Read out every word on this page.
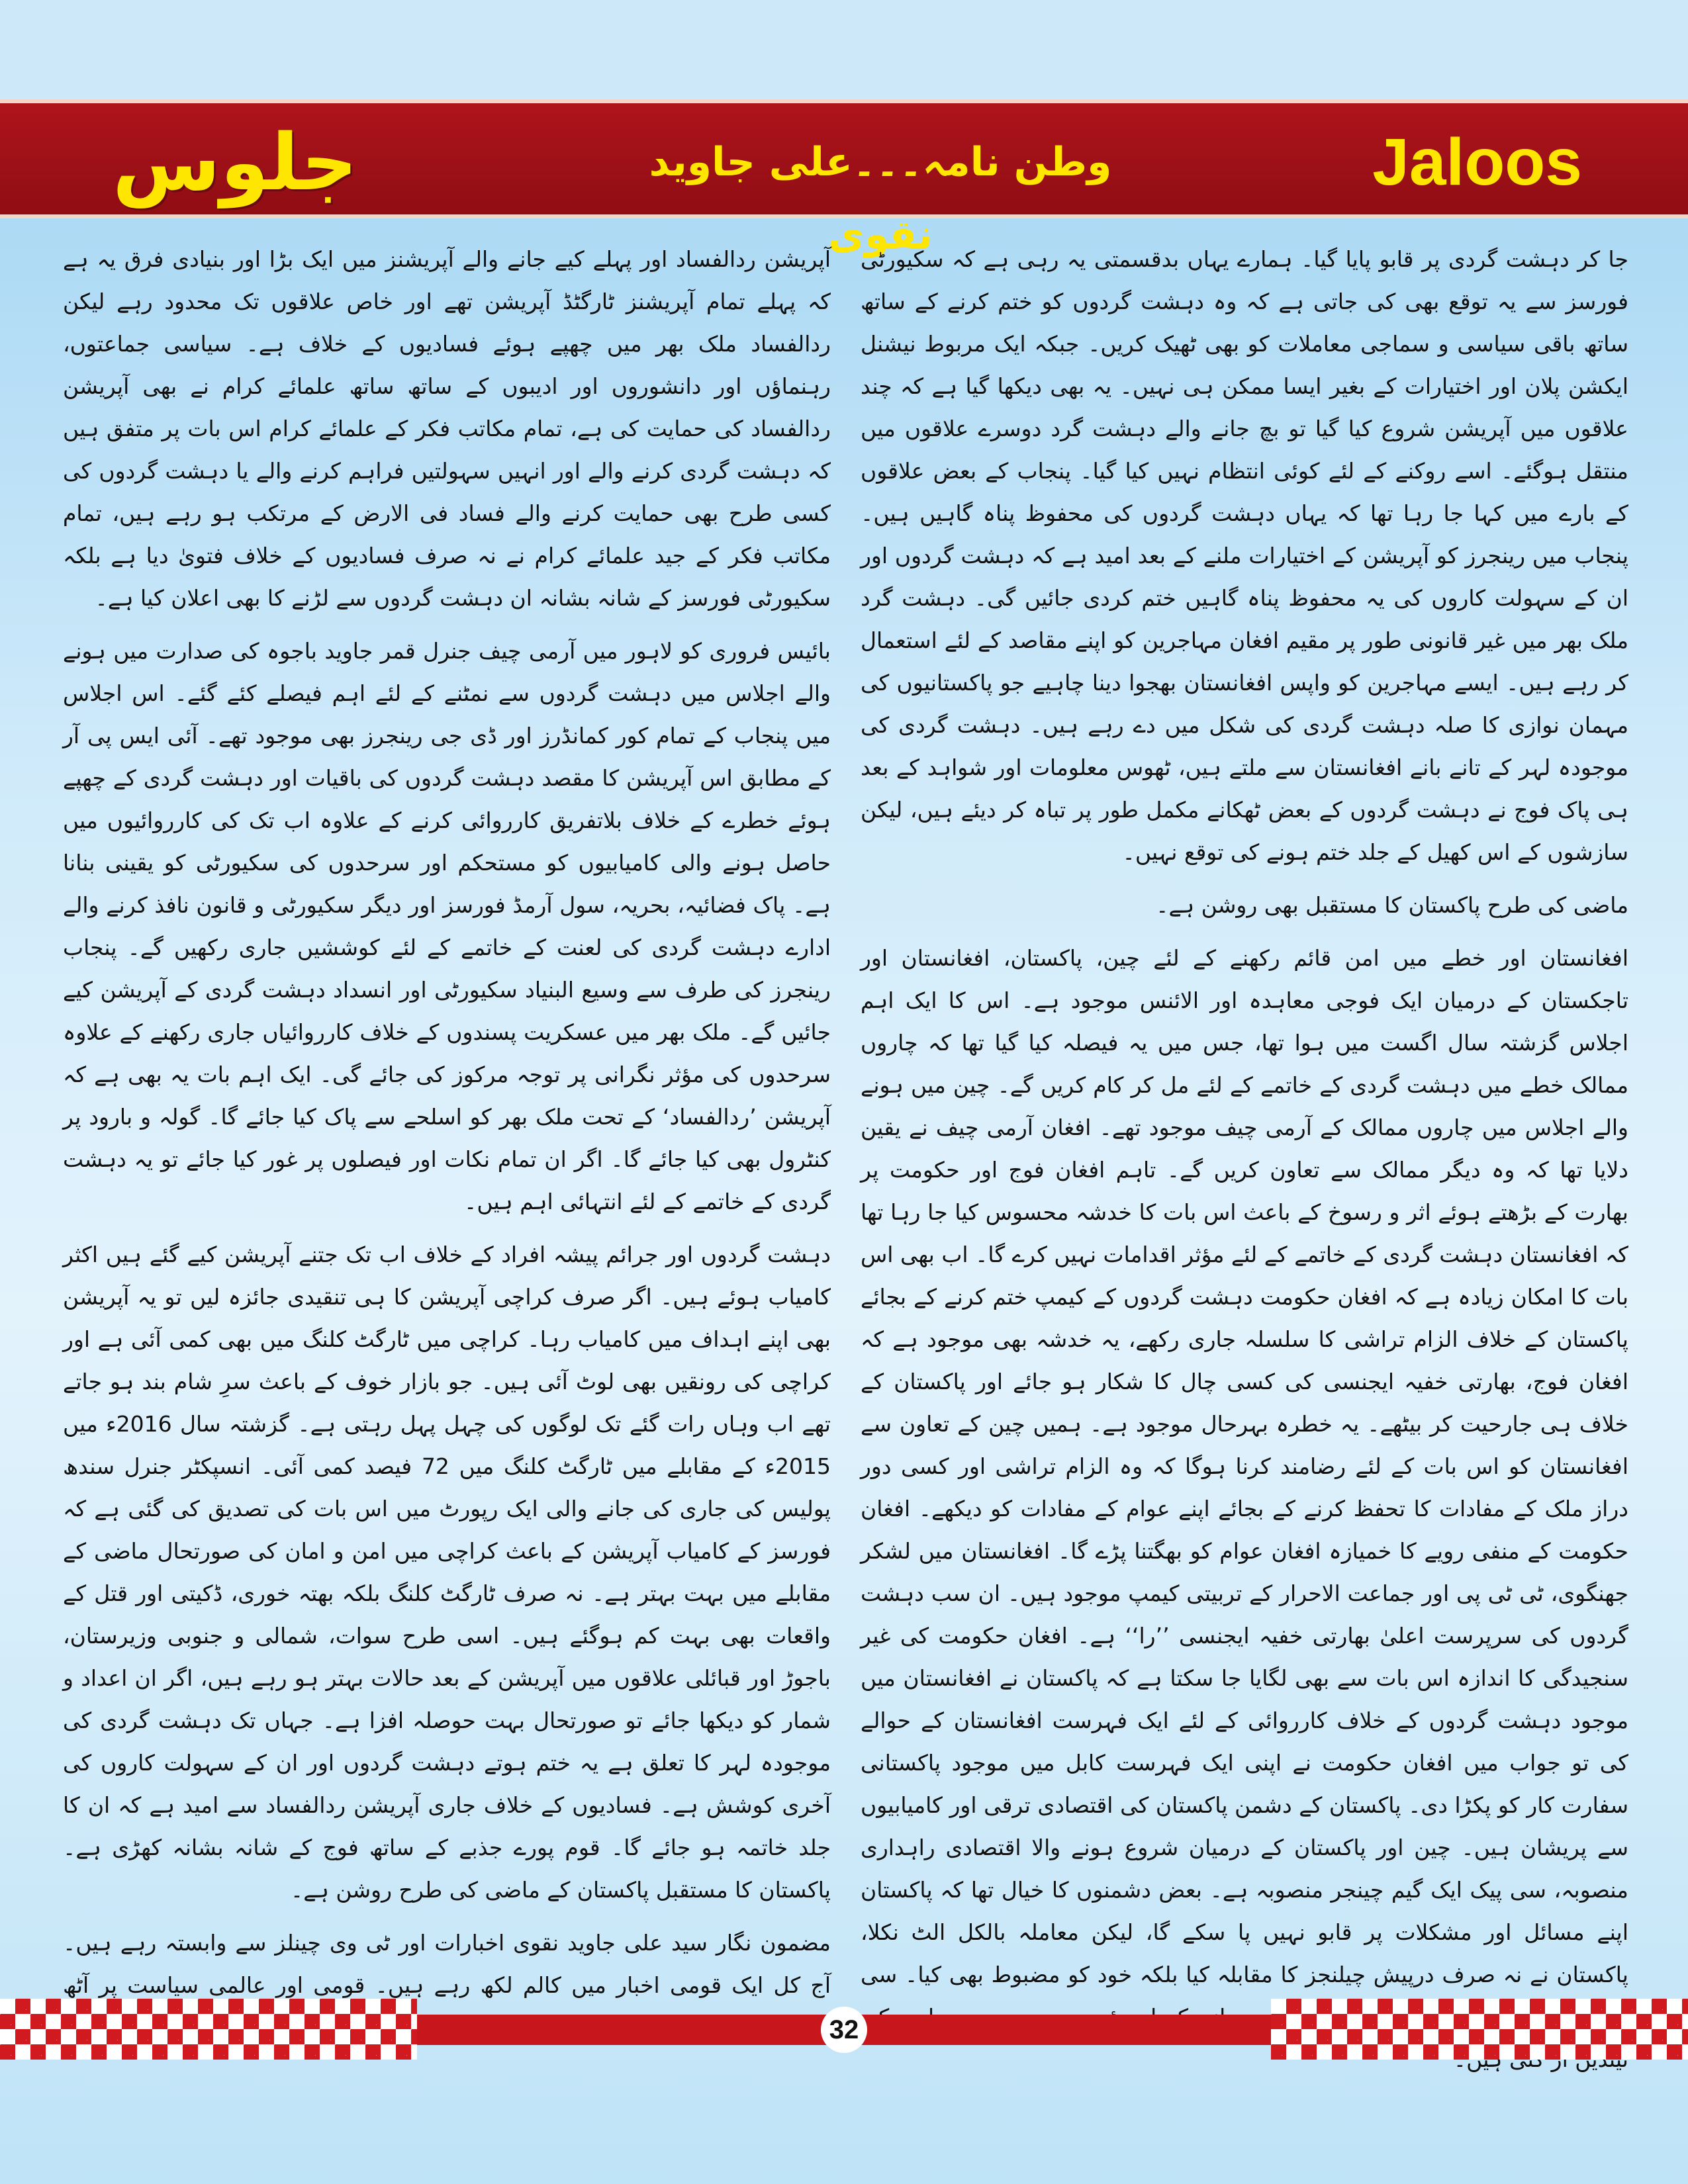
جلوس	وطن نامہ۔۔۔علی جاوید نقوی
Jaloos

جا کر دہشت گردی پر قابو پایا گیا۔ ہمارے یہاں بدقسمتی یہ رہی ہے کہ سکیورٹی فورسز سے یہ توقع بھی کی جاتی ہے کہ وہ دہشت گردوں کو ختم کرنے کے ساتھ ساتھ باقی سیاسی و سماجی معاملات کو بھی ٹھیک کریں۔ جبکہ ایک مربوط نیشنل ایکشن پلان اور اختیارات کے بغیر ایسا ممکن ہی نہیں۔ یہ بھی دیکھا گیا ہے کہ چند علاقوں میں آپریشن شروع کیا گیا تو بچ جانے والے دہشت گرد دوسرے علاقوں میں منتقل ہوگئے۔ اسے روکنے کے لئے کوئی انتظام نہیں کیا گیا۔ پنجاب کے بعض علاقوں کے بارے میں کہا جا رہا تھا کہ یہاں دہشت گردوں کی محفوظ پناہ گاہیں ہیں۔ پنجاب میں رینجرز کو آپریشن کے اختیارات ملنے کے بعد امید ہے کہ دہشت گردوں اور ان کے سہولت کاروں کی یہ محفوظ پناہ گاہیں ختم کردی جائیں گی۔ دہشت گرد ملک بھر میں غیر قانونی طور پر مقیم افغان مہاجرین کو اپنے مقاصد کے لئے استعمال کر رہے ہیں۔ ایسے مہاجرین کو واپس افغانستان بھجوا دینا چاہیے جو پاکستانیوں کی مہمان نوازی کا صلہ دہشت گردی کی شکل میں دے رہے ہیں۔ دہشت گردی کی موجودہ لہر کے تانے بانے افغانستان سے ملتے ہیں، ٹھوس معلومات اور شواہد کے بعد ہی پاک فوج نے دہشت گردوں کے بعض ٹھکانے مکمل طور پر تباہ کر دیئے ہیں، لیکن سازشوں کے اس کھیل کے جلد ختم ہونے کی توقع نہیں۔

ماضی کی طرح پاکستان کا مستقبل بھی روشن ہے۔

افغانستان اور خطے میں امن قائم رکھنے کے لئے چین، پاکستان، افغانستان اور تاجکستان کے درمیان ایک فوجی معاہدہ اور الائنس موجود ہے۔ اس کا ایک اہم اجلاس گزشتہ سال اگست میں ہوا تھا، جس میں یہ فیصلہ کیا گیا تھا کہ چاروں ممالک خطے میں دہشت گردی کے خاتمے کے لئے مل کر کام کریں گے۔ چین میں ہونے والے اجلاس میں چاروں ممالک کے آرمی چیف موجود تھے۔ افغان آرمی چیف نے یقین دلایا تھا کہ وہ دیگر ممالک سے تعاون کریں گے۔ تاہم افغان فوج اور حکومت پر بھارت کے بڑھتے ہوئے اثر و رسوخ کے باعث اس بات کا خدشہ محسوس کیا جا رہا تھا کہ افغانستان دہشت گردی کے خاتمے کے لئے مؤثر اقدامات نہیں کرے گا۔ اب بھی اس بات کا امکان زیادہ ہے کہ افغان حکومت دہشت گردوں کے کیمپ ختم کرنے کے بجائے پاکستان کے خلاف الزام تراشی کا سلسلہ جاری رکھے، یہ خدشہ بھی موجود ہے کہ افغان فوج، بھارتی خفیہ ایجنسی کی کسی چال کا شکار ہو جائے اور پاکستان کے خلاف ہی جارحیت کر بیٹھے۔ یہ خطرہ بہرحال موجود ہے۔ ہمیں چین کے تعاون سے افغانستان کو اس بات کے لئے رضامند کرنا ہوگا کہ وہ الزام تراشی اور کسی دور دراز ملک کے مفادات کا تحفظ کرنے کے بجائے اپنے عوام کے مفادات کو دیکھے۔ افغان حکومت کے منفی رویے کا خمیازہ افغان عوام کو بھگتنا پڑے گا۔ افغانستان میں لشکر جھنگوی، ٹی ٹی پی اور جماعت الاحرار کے تربیتی کیمپ موجود ہیں۔ ان سب دہشت گردوں کی سرپرست اعلیٰ بھارتی خفیہ ایجنسی ’’را‘‘ ہے۔ افغان حکومت کی غیر سنجیدگی کا اندازہ اس بات سے بھی لگایا جا سکتا ہے کہ پاکستان نے افغانستان میں موجود دہشت گردوں کے خلاف کارروائی کے لئے ایک فہرست افغانستان کے حوالے کی تو جواب میں افغان حکومت نے اپنی ایک فہرست کابل میں موجود پاکستانی سفارت کار کو پکڑا دی۔ پاکستان کے دشمن پاکستان کی اقتصادی ترقی اور کامیابیوں سے پریشان ہیں۔ چین اور پاکستان کے درمیان شروع ہونے والا اقتصادی راہداری منصوبہ، سی پیک ایک گیم چینجر منصوبہ ہے۔ بعض دشمنوں کا خیال تھا کہ پاکستان اپنے مسائل اور مشکلات پر قابو نہیں پا سکے گا، لیکن معاملہ بالکل الٹ نکلا، پاکستان نے نہ صرف درپیش چیلنجز کا مقابلہ کیا بلکہ خود کو مضبوط بھی کیا۔ سی

آپریشن ردالفساد اور پہلے کیے جانے والے آپریشنز میں ایک بڑا اور بنیادی فرق یہ ہے کہ پہلے تمام آپریشنز ٹارگٹڈ آپریشن تھے اور خاص علاقوں تک محدود رہے لیکن ردالفساد ملک بھر میں چھپے ہوئے فسادیوں کے خلاف ہے۔ سیاسی جماعتوں، رہنماؤں اور دانشوروں اور ادیبوں کے ساتھ ساتھ علمائے کرام نے بھی آپریشن ردالفساد کی حمایت کی ہے، تمام مکاتب فکر کے علمائے کرام اس بات پر متفق ہیں کہ دہشت گردی کرنے والے اور انہیں سہولتیں فراہم کرنے والے یا دہشت گردوں کی کسی طرح بھی حمایت کرنے والے فساد فی الارض کے مرتکب ہو رہے ہیں، تمام مکاتب فکر کے جید علمائے کرام نے نہ صرف فسادیوں کے خلاف فتویٰ دیا ہے بلکہ سکیورٹی فورسز کے شانہ بشانہ ان دہشت گردوں سے لڑنے کا بھی اعلان کیا ہے۔

بائیس فروری کو لاہور میں آرمی چیف جنرل قمر جاوید باجوہ کی صدارت میں ہونے والے اجلاس میں دہشت گردوں سے نمٹنے کے لئے اہم فیصلے کئے گئے۔ اس اجلاس میں پنجاب کے تمام کور کمانڈرز اور ڈی جی رینجرز بھی موجود تھے۔ آئی ایس پی آر کے مطابق اس آپریشن کا مقصد دہشت گردوں کی باقیات اور دہشت گردی کے چھپے ہوئے خطرے کے خلاف بلاتفریق کارروائی کرنے کے علاوہ اب تک کی کارروائیوں میں حاصل ہونے والی کامیابیوں کو مستحکم اور سرحدوں کی سکیورٹی کو یقینی بنانا ہے۔ پاک فضائیہ، بحریہ، سول آرمڈ فورسز اور دیگر سکیورٹی و قانون نافذ کرنے والے ادارے دہشت گردی کی لعنت کے خاتمے کے لئے کوششیں جاری رکھیں گے۔ پنجاب رینجرز کی طرف سے وسیع البنیاد سکیورٹی اور انسداد دہشت گردی کے آپریشن کیے جائیں گے۔ ملک بھر میں عسکریت پسندوں کے خلاف کارروائیاں جاری رکھنے کے علاوہ سرحدوں کی مؤثر نگرانی پر توجہ مرکوز کی جائے گی۔ ایک اہم بات یہ بھی ہے کہ آپریشن ’ردالفساد‘ کے تحت ملک بھر کو اسلحے سے پاک کیا جائے گا۔ گولہ و بارود پر کنٹرول بھی کیا جائے گا۔ اگر ان تمام نکات اور فیصلوں پر غور کیا جائے تو یہ دہشت گردی کے خاتمے کے لئے انتہائی اہم ہیں۔

دہشت گردوں اور جرائم پیشہ افراد کے خلاف اب تک جتنے آپریشن کیے گئے ہیں اکثر کامیاب ہوئے ہیں۔ اگر صرف کراچی آپریشن کا ہی تنقیدی جائزہ لیں تو یہ آپریشن بھی اپنے اہداف میں کامیاب رہا۔ کراچی میں ٹارگٹ کلنگ میں بھی کمی آئی ہے اور کراچی کی رونقیں بھی لوٹ آئی ہیں۔ جو بازار خوف کے باعث سرِ شام بند ہو جاتے تھے اب وہاں رات گئے تک لوگوں کی چہل پہل رہتی ہے۔ گزشتہ سال 2016ء میں 2015ء کے مقابلے میں ٹارگٹ کلنگ میں 72 فیصد کمی آئی۔ انسپکٹر جنرل سندھ پولیس کی جاری کی جانے والی ایک رپورٹ میں اس بات کی تصدیق کی گئی ہے کہ فورسز کے کامیاب آپریشن کے باعث کراچی میں امن و امان کی صورتحال ماضی کے مقابلے میں بہت بہتر ہے۔ نہ صرف ٹارگٹ کلنگ بلکہ بھتہ خوری، ڈکیتی اور قتل کے واقعات بھی بہت کم ہوگئے ہیں۔ اسی طرح سوات، شمالی و جنوبی وزیرستان، باجوڑ اور قبائلی علاقوں میں آپریشن کے بعد حالات بہتر ہو رہے ہیں، اگر ان اعداد و شمار کو دیکھا جائے تو صورتحال بہت حوصلہ افزا ہے۔ جہاں تک دہشت گردی کی موجودہ لہر کا تعلق ہے یہ ختم ہوتے دہشت گردوں اور ان کے سہولت کاروں کی آخری کوشش ہے۔ فسادیوں کے خلاف جاری آپریشن ردالفساد سے امید ہے کہ ان کا جلد خاتمہ ہو جائے گا۔ قوم پورے جذبے کے ساتھ فوج کے شانہ بشانہ کھڑی ہے۔ پاکستان کا مستقبل پاکستان کے ماضی کی طرح روشن ہے۔

مضمون نگار سید علی جاوید نقوی اخبارات اور ٹی وی چینلز سے وابستہ رہے ہیں۔ آج کل ایک قومی اخبار میں کالم لکھ رہے ہیں۔ قومی اور عالمی سیاست پر آٹھ

32
